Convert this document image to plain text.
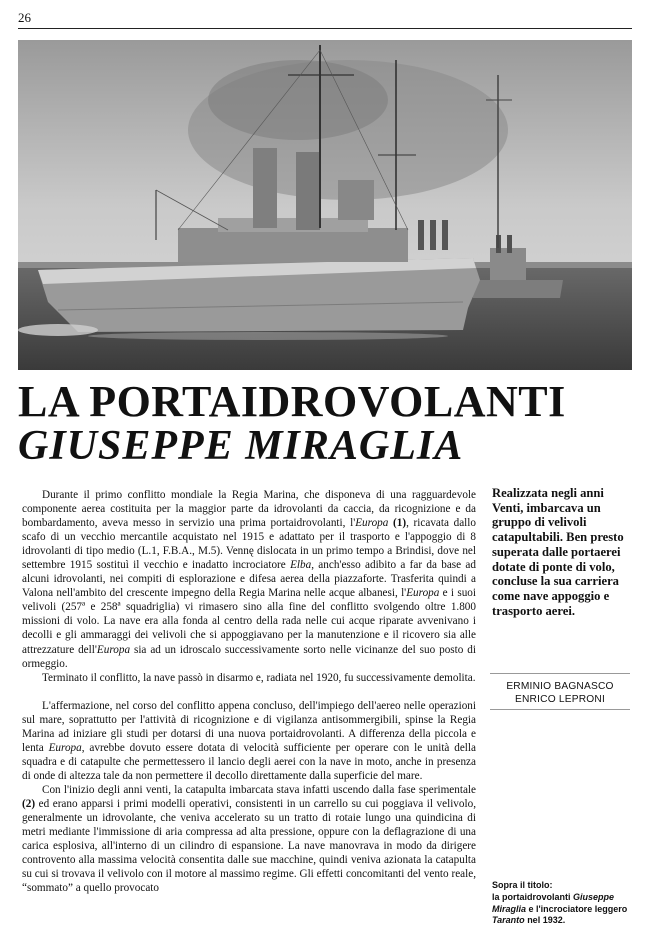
26
LA PORTAIDROVOLANTI
GIUSEPPE MIRAGLIA

Durante il primo conflitto mondiale la Regia Marina, che disponeva di una ragguardevole componente aerea costituita per la maggior parte da idrovolanti da caccia, da ricognizione e da bombardamento, aveva messo in servizio una prima portaidrovolanti, l'Europa (1), ricavata dallo scafo di un vecchio mercantile acquistato nel 1915 e adattato per il trasporto e l'appoggio di 8 idrovolanti di tipo medio (L.1, F.B.A., M.5). Vennę dislocata in un primo tempo a Brindisi, dove nel settembre 1915 sostituì il vecchio e inadatto incrociatore Elba, anch'esso adibito a far da base ad alcuni idrovolanti, nei compiti di esplorazione e difesa aerea della piazzaforte. Trasferita quindi a Valona nell'ambito del crescente impegno della Regia Marina nelle acque albanesi, l'Europa e i suoi velivoli (257ª e 258ª squadriglia) vi rimasero sino alla fine del conflitto svolgendo oltre 1.800 missioni di volo. La nave era alla fonda al centro della rada nelle cui acque riparate avvenivano i decolli e gli ammaraggi dei velivoli che si appoggiavano per la manutenzione e il ricovero sia alle attrezzature dell'Europa sia ad un idroscalo successivamente sorto nelle vicinanze del suo posto di ormeggio.

Terminato il conflitto, la nave passò in disarmo e, radiata nel 1920, fu successivamente demolita.

L'affermazione, nel corso del conflitto appena concluso, dell'impiego dell'aereo nelle operazioni sul mare, soprattutto per l'attività di ricognizione e di vigilanza antisommergibili, spinse la Regia Marina ad iniziare gli studi per dotarsi di una nuova portaidrovolanti. A differenza della piccola e lenta Europa, avrebbe dovuto essere dotata di velocità sufficiente per operare con le unità della squadra e di catapulte che permettessero il lancio degli aerei con la nave in moto, anche in presenza di onde di altezza tale da non permettere il decollo direttamente dalla superficie del mare.

Con l'inizio degli anni venti, la catapulta imbarcata stava infatti uscendo dalla fase sperimentale (2) ed erano apparsi i primi modelli operativi, consistenti in un carrello su cui poggiava il velivolo, generalmente un idrovolante, che veniva accelerato su un tratto di rotaie lungo una quindicina di metri mediante l'immissione di aria compressa ad alta pressione, oppure con la deflagrazione di una carica esplosiva, all'interno di un cilindro di espansione. La nave manovrava in modo da dirigere controvento alla massima velocità consentita dalle sue macchine, quindi veniva azionata la catapulta su cui si trovava il velivolo con il motore al massimo regime. Gli effetti concomitanti del vento reale, “sommato” a quello provocato

Realizzata negli anni Venti, imbarcava un gruppo di velivoli catapultabili. Ben presto superata dalle portaerei dotate di ponte di volo, concluse la sua carriera come nave appoggio e trasporto aerei.
ERMINIO BAGNASCO
ENRICO LEPRONI
Sopra il titolo:
la portaidrovolanti Giuseppe Miraglia e l'incrociatore leggero Taranto nel 1932.
